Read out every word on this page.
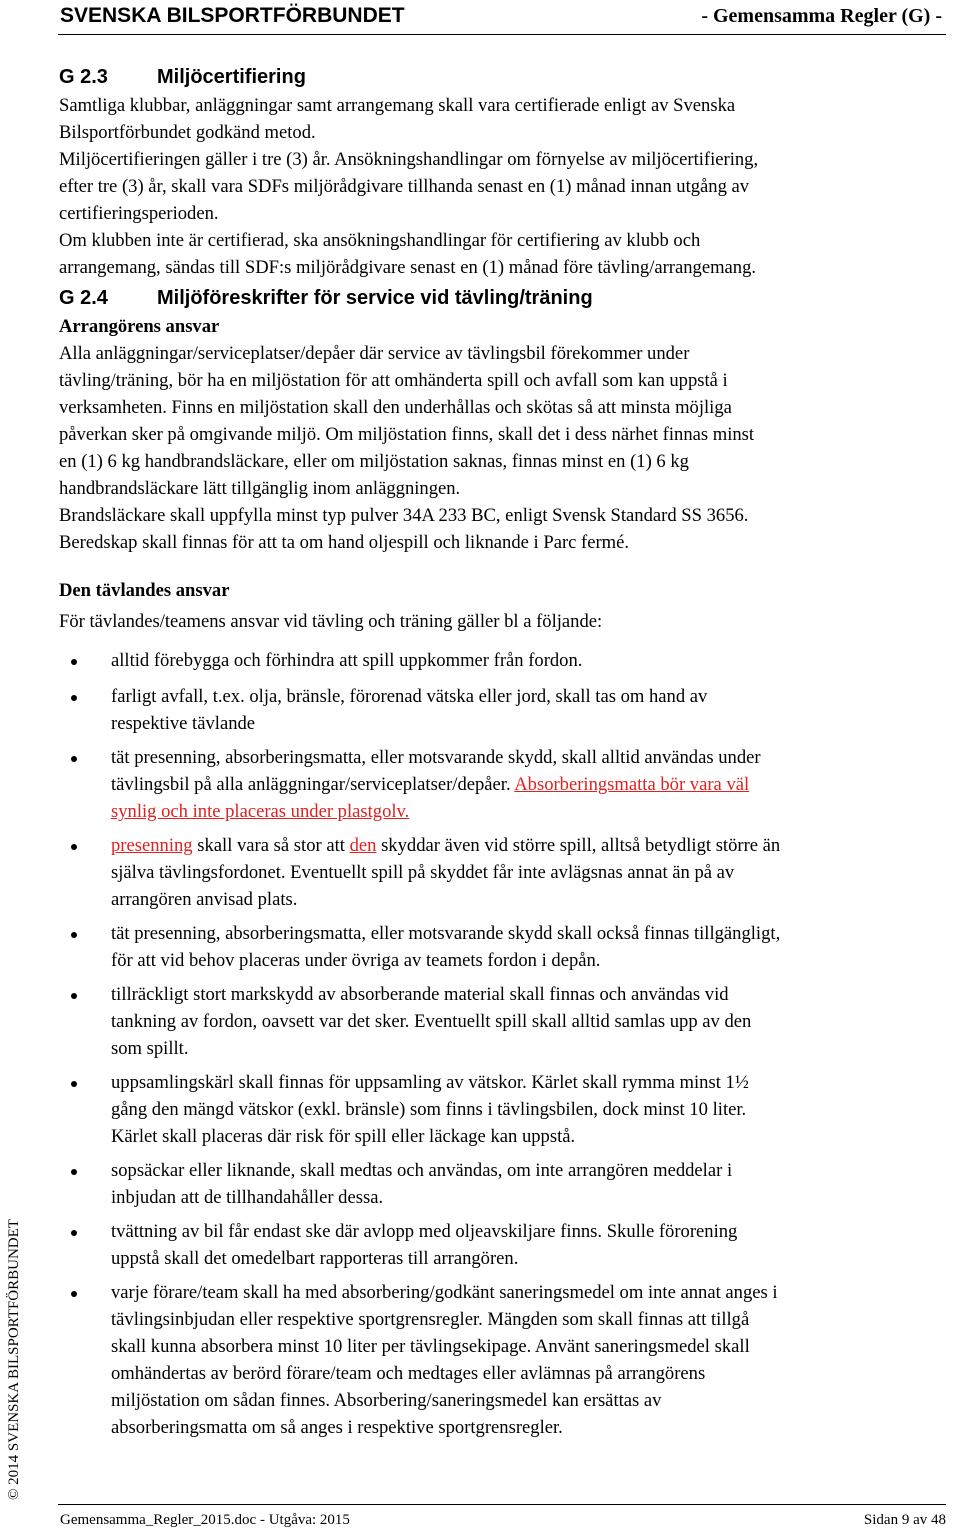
SVENSKA BILSPORTFÖRBUNDET	- Gemensamma Regler (G) -
G 2.3 Miljöcertifiering

Samtliga klubbar, anläggningar samt arrangemang skall vara certifierade enligt av Svenska
Bilsportförbundet godkänd metod.
Miljöcertifieringen gäller i tre (3) år. Ansökningshandlingar om förnyelse av miljöcertifiering,
efter tre (3) år, skall vara SDFs miljörådgivare tillhanda senast en (1) månad innan utgång av
certifieringsperioden.
Om klubben inte är certifierad, ska ansökningshandlingar för certifiering av klubb och
arrangemang, sändas till SDF:s miljörådgivare senast en (1) månad före tävling/arrangemang.

G 2.4 Miljöföreskrifter för service vid tävling/träning

Arrangörens ansvar

Alla anläggningar/serviceplatser/depåer där service av tävlingsbil förekommer under
tävling/träning, bör ha en miljöstation för att omhänderta spill och avfall som kan uppstå i
verksamheten. Finns en miljöstation skall den underhållas och skötas så att minsta möjliga
påverkan sker på omgivande miljö. Om miljöstation finns, skall det i dess närhet finnas minst
en (1) 6 kg handbrandsläckare, eller om miljöstation saknas, finnas minst en (1) 6 kg
handbrandsläckare lätt tillgänglig inom anläggningen.
Brandsläckare skall uppfylla minst typ pulver 34A 233 BC, enligt Svensk Standard SS 3656.
Beredskap skall finnas för att ta om hand oljespill och liknande i Parc fermé.

Den tävlandes ansvar

För tävlandes/teamens ansvar vid tävling och träning gäller bl a följande:

alltid förebygga och förhindra att spill uppkommer från fordon.
farligt avfall, t.ex. olja, bränsle, förorenad vätska eller jord, skall tas om hand av
respektive tävlande
tät presenning, absorberingsmatta, eller motsvarande skydd, skall alltid användas under
tävlingsbil på alla anläggningar/serviceplatser/depåer. Absorberingsmatta bör vara väl
synlig och inte placeras under plastgolv.
presenning skall vara så stor att den skyddar även vid större spill, alltså betydligt större än
själva tävlingsfordonet. Eventuellt spill på skyddet får inte avlägsnas annat än på av
arrangören anvisad plats.
tät presenning, absorberingsmatta, eller motsvarande skydd skall också finnas tillgängligt,
för att vid behov placeras under övriga av teamets fordon i depån.
tillräckligt stort markskydd av absorberande material skall finnas och användas vid
tankning av fordon, oavsett var det sker. Eventuellt spill skall alltid samlas upp av den
som spillt.
uppsamlingskärl skall finnas för uppsamling av vätskor. Kärlet skall rymma minst 1½
gång den mängd vätskor (exkl. bränsle) som finns i tävlingsbilen, dock minst 10 liter.
Kärlet skall placeras där risk för spill eller läckage kan uppstå.
sopsäckar eller liknande, skall medtas och användas, om inte arrangören meddelar i
inbjudan att de tillhandahåller dessa.
tvättning av bil får endast ske där avlopp med oljeavskiljare finns. Skulle förorening
uppstå skall det omedelbart rapporteras till arrangören.
varje förare/team skall ha med absorbering/godkänt saneringsmedel om inte annat anges i
tävlingsinbjudan eller respektive sportgrensregler. Mängden som skall finnas att tillgå
skall kunna absorbera minst 10 liter per tävlingsekipage. Använt saneringsmedel skall
omhändertas av berörd förare/team och medtages eller avlämnas på arrangörens
miljöstation om sådan finnes. Absorbering/saneringsmedel kan ersättas av
absorberingsmatta om så anges i respektive sportgrensregler.
© 2014 SVENSKA BILSPORTFÖRBUNDET
Gemensamma_Regler_2015.doc - Utgåva: 2015	Sidan 9 av 48
